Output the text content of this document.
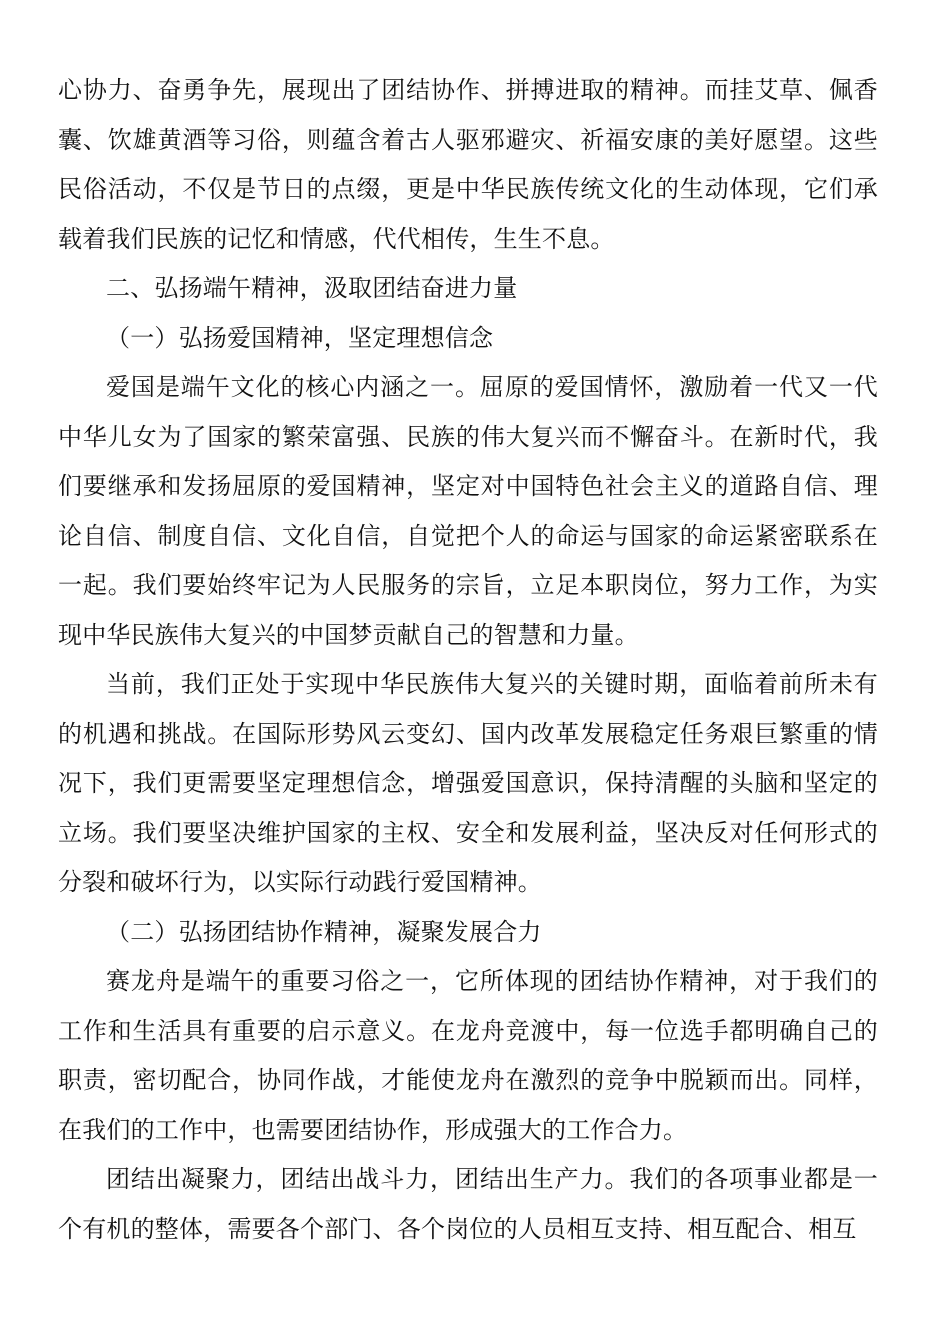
心协力、奋勇争先，展现出了团结协作、拼搏进取的精神。而挂艾草、佩香囊、饮雄黄酒等习俗，则蕴含着古人驱邪避灾、祈福安康的美好愿望。这些民俗活动，不仅是节日的点缀，更是中华民族传统文化的生动体现，它们承载着我们民族的记忆和情感，代代相传，生生不息。

二、弘扬端午精神，汲取团结奋进力量

（一）弘扬爱国精神，坚定理想信念

爱国是端午文化的核心内涵之一。屈原的爱国情怀，激励着一代又一代中华儿女为了国家的繁荣富强、民族的伟大复兴而不懈奋斗。在新时代，我们要继承和发扬屈原的爱国精神，坚定对中国特色社会主义的道路自信、理论自信、制度自信、文化自信，自觉把个人的命运与国家的命运紧密联系在一起。我们要始终牢记为人民服务的宗旨，立足本职岗位，努力工作，为实现中华民族伟大复兴的中国梦贡献自己的智慧和力量。

当前，我们正处于实现中华民族伟大复兴的关键时期，面临着前所未有的机遇和挑战。在国际形势风云变幻、国内改革发展稳定任务艰巨繁重的情况下，我们更需要坚定理想信念，增强爱国意识，保持清醒的头脑和坚定的立场。我们要坚决维护国家的主权、安全和发展利益，坚决反对任何形式的分裂和破坏行为，以实际行动践行爱国精神。

（二）弘扬团结协作精神，凝聚发展合力

赛龙舟是端午的重要习俗之一，它所体现的团结协作精神，对于我们的工作和生活具有重要的启示意义。在龙舟竞渡中，每一位选手都明确自己的职责，密切配合，协同作战，才能使龙舟在激烈的竞争中脱颖而出。同样，在我们的工作中，也需要团结协作，形成强大的工作合力。

团结出凝聚力，团结出战斗力，团结出生产力。我们的各项事业都是一个有机的整体，需要各个部门、各个岗位的人员相互支持、相互配合、相互
